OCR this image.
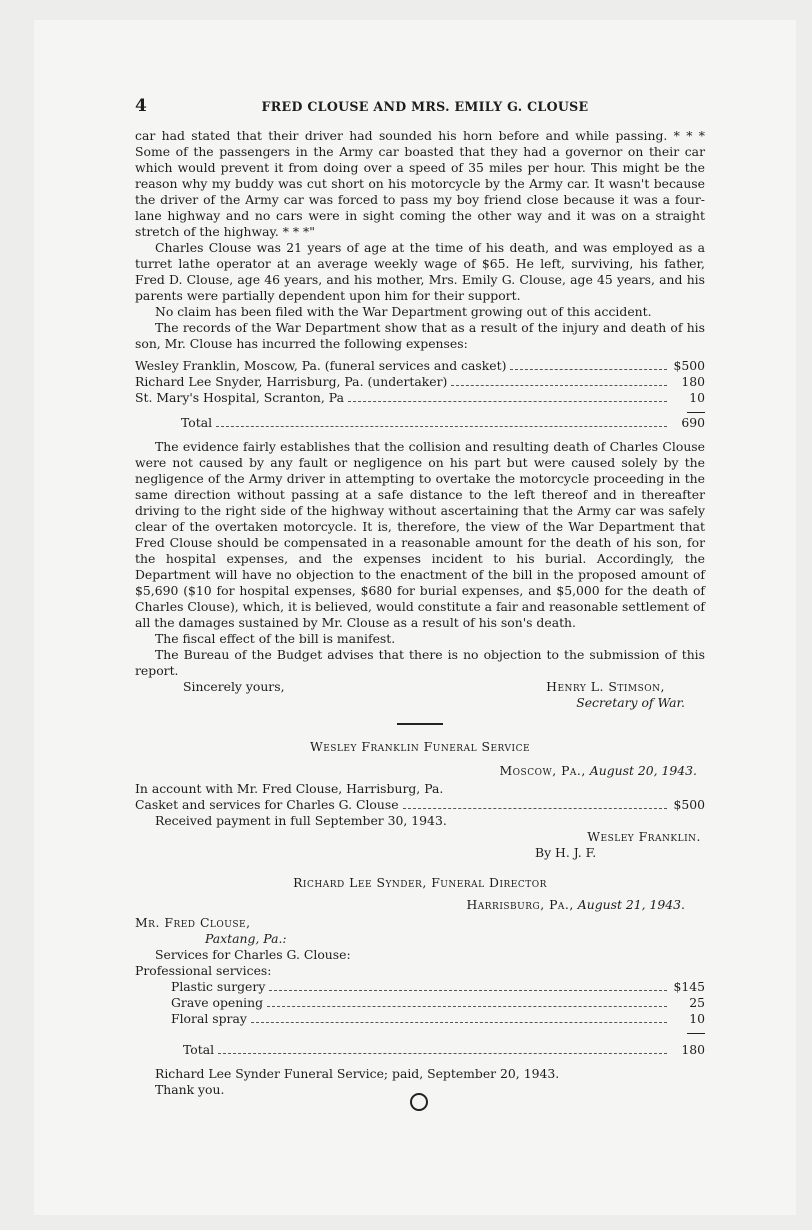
4	FRED CLOUSE AND MRS. EMILY G. CLOUSE

car had stated that their driver had sounded his horn before and while passing. * * * Some of the passengers in the Army car boasted that they had a governor on their car which would prevent it from doing over a speed of 35 miles per hour. This might be the reason why my buddy was cut short on his motorcycle by the Army car. It wasn't because the driver of the Army car was forced to pass my boy friend close because it was a four-lane highway and no cars were in sight coming the other way and it was on a straight stretch of the highway. * * *"

Charles Clouse was 21 years of age at the time of his death, and was employed as a turret lathe operator at an average weekly wage of $65. He left, surviving, his father, Fred D. Clouse, age 46 years, and his mother, Mrs. Emily G. Clouse, age 45 years, and his parents were partially dependent upon him for their support.

No claim has been filed with the War Department growing out of this accident.

The records of the War Department show that as a result of the injury and death of his son, Mr. Clouse has incurred the following expenses:

Wesley Franklin, Moscow, Pa. (funeral services and casket)	$500
Richard Lee Snyder, Harrisburg, Pa. (undertaker)	180
St. Mary's Hospital, Scranton, Pa	10
Total	690

The evidence fairly establishes that the collision and resulting death of Charles Clouse were not caused by any fault or negligence on his part but were caused solely by the negligence of the Army driver in attempting to overtake the motorcycle proceeding in the same direction without passing at a safe distance to the left thereof and in thereafter driving to the right side of the highway without ascertaining that the Army car was safely clear of the overtaken motorcycle. It is, therefore, the view of the War Department that Fred Clouse should be compensated in a reasonable amount for the death of his son, for the hospital expenses, and the expenses incident to his burial. Accordingly, the Department will have no objection to the enactment of the bill in the proposed amount of $5,690 ($10 for hospital expenses, $680 for burial expenses, and $5,000 for the death of Charles Clouse), which, it is believed, would constitute a fair and reasonable settlement of all the damages sustained by Mr. Clouse as a result of his son's death.

The fiscal effect of the bill is manifest.

The Bureau of the Budget advises that there is no objection to the submission of this report.

Sincerely yours,	Henry L. Stimson,
Secretary of War.
Wesley Franklin Funeral Service
Moscow, Pa., August 20, 1943.
In account with Mr. Fred Clouse, Harrisburg, Pa.
Casket and services for Charles G. Clouse	$500
Received payment in full September 30, 1943.
Wesley Franklin.
By H. J. F.
Richard Lee Synder, Funeral Director
Harrisburg, Pa., August 21, 1943.
Mr. Fred Clouse,
Paxtang, Pa.:
Services for Charles G. Clouse:
Professional services:
Plastic surgery	$145
Grave opening	25
Floral spray	10
Total	180
Richard Lee Synder Funeral Service; paid, September 20, 1943.
Thank you.
